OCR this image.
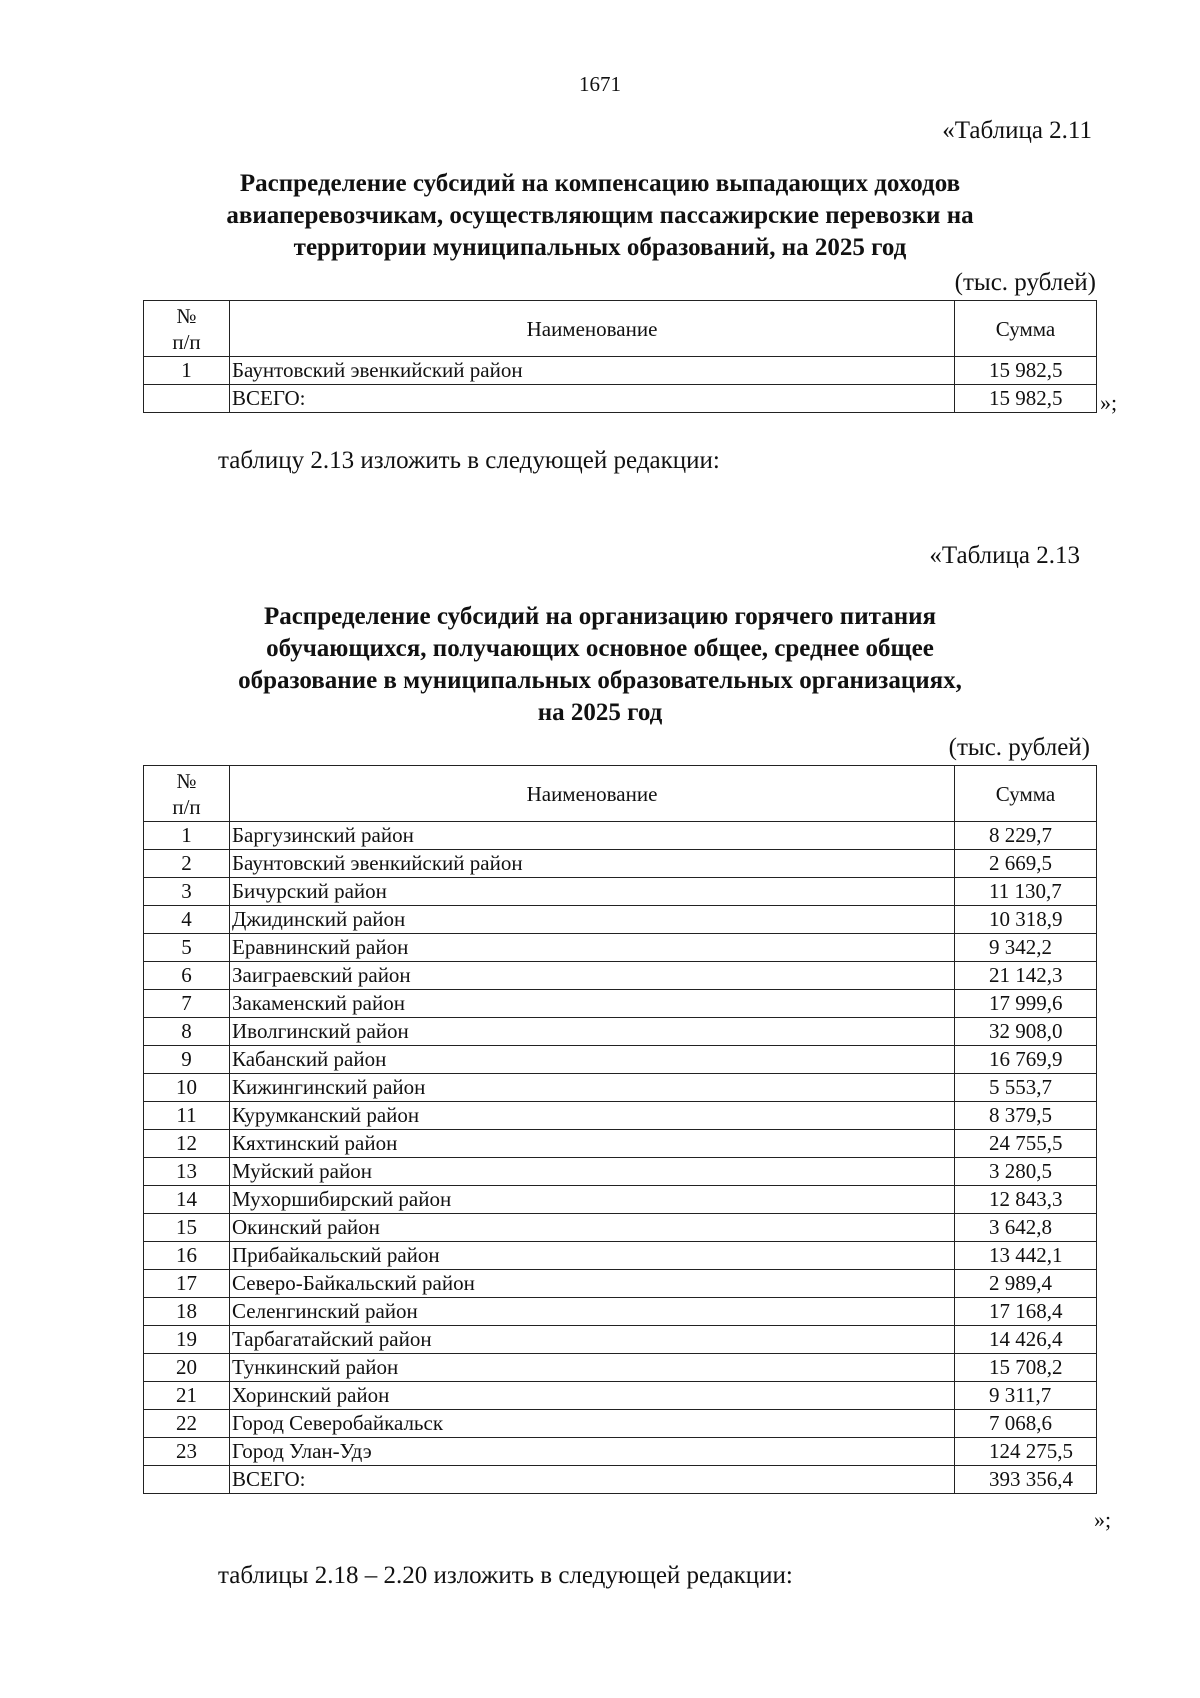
1671
«Таблица 2.11
Распределение субсидий на компенсацию выпадающих доходов
авиаперевозчикам, осуществляющим пассажирские перевозки на
территории муниципальных образований, на 2025 год
(тыс. рублей)
№
п/п	Наименование	Сумма
1	Баунтовский эвенкийский район	15 982,5
	ВСЕГО:	15 982,5 »;
таблицу 2.13 изложить в следующей редакции:
«Таблица 2.13
Распределение субсидий на организацию горячего питания
обучающихся, получающих основное общее, среднее общее
образование в муниципальных образовательных организациях,
на 2025 год
(тыс. рублей)
№
п/п	Наименование	Сумма
1	Баргузинский район	8 229,7
2	Баунтовский эвенкийский район	2 669,5
3	Бичурский район	11 130,7
4	Джидинский район	10 318,9
5	Еравнинский район	9 342,2
6	Заиграевский район	21 142,3
7	Закаменский район	17 999,6
8	Иволгинский район	32 908,0
9	Кабанский район	16 769,9
10	Кижингинский район	5 553,7
11	Курумканский район	8 379,5
12	Кяхтинский район	24 755,5
13	Муйский район	3 280,5
14	Мухоршибирский район	12 843,3
15	Окинский район	3 642,8
16	Прибайкальский район	13 442,1
17	Северо-Байкальский район	2 989,4
18	Селенгинский район	17 168,4
19	Тарбагатайский район	14 426,4
20	Тункинский район	15 708,2
21	Хоринский район	9 311,7
22	Город Северобайкальск	7 068,6
23	Город Улан-Удэ	124 275,5
	ВСЕГО:	393 356,4
»;
таблицы 2.18 – 2.20 изложить в следующей редакции:
